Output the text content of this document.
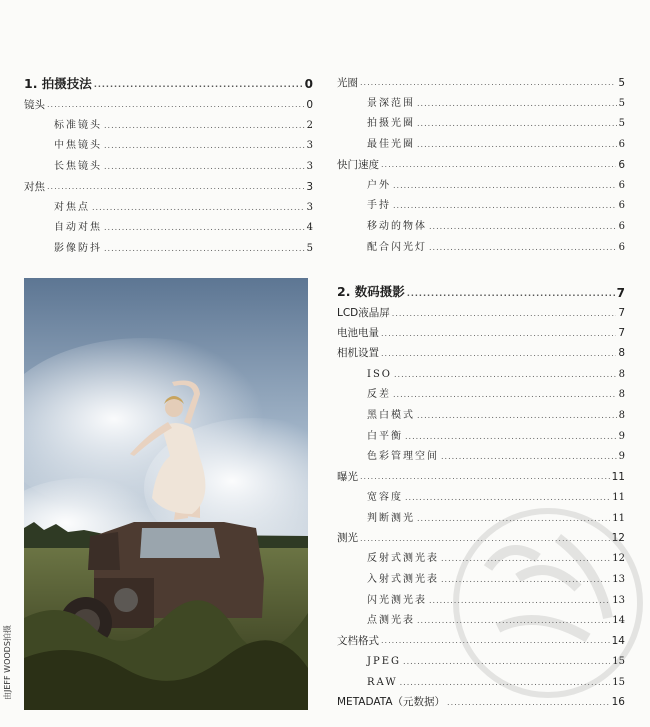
1. 拍摄技法 .....	0
镜头 .....	0
标准镜头 .....	2
中焦镜头 .....	3
长焦镜头 .....	3
对焦 .....	3
对焦点 .....	3
自动对焦 .....	4
影像防抖 .....	5
光圈 .....	5
景深范围 .....	5
拍摄光圈 .....	5
最佳光圈 .....	6
快门速度 .....	6
户外 .....	6
手持 .....	6
移动的物体 .....	6
配合闪光灯 .....	6
2. 数码摄影 .....	7
LCD液晶屏 .....	7
电池电量 .....	7
相机设置 .....	8
ISO .....	8
反差 .....	8
黑白模式 .....	8
白平衡 .....	9
色彩管理空间 .....	9
曝光 .....	11
宽容度 .....	11
判断测光 .....	11
测光 .....	12
反射式测光表 .....	12
入射式测光表 .....	13
闪光测光表 .....	13
点测光表 .....	14
文档格式 .....	14
JPEG .....	15
RAW .....	15
METADATA（元数据） .....	16
由JEFF WOODS拍摄
